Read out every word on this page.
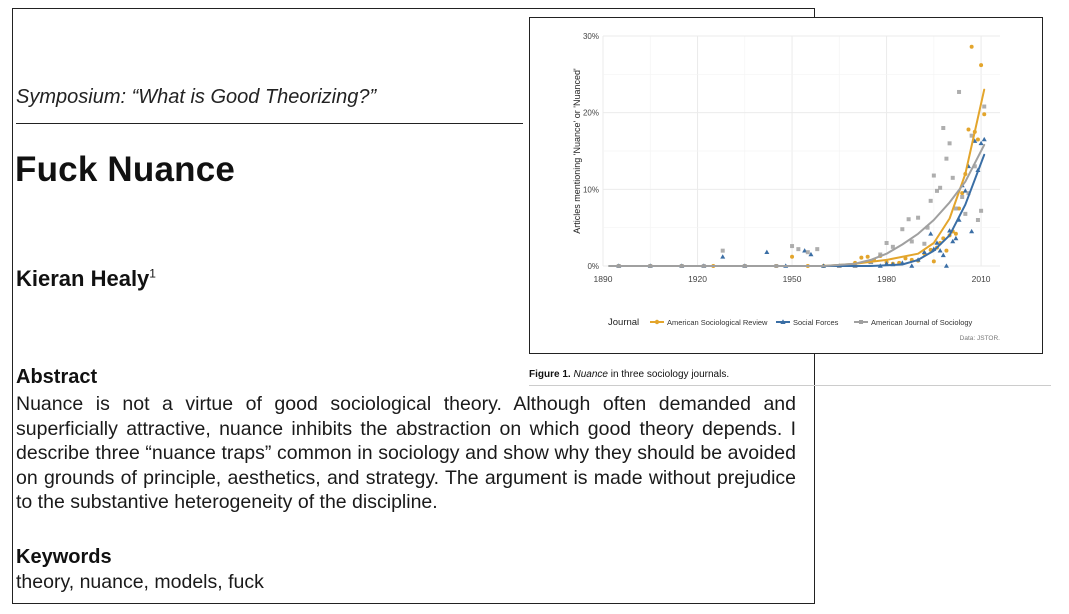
Symposium: “What is Good Theorizing?”
Fuck Nuance
Kieran Healy$^1$
Abstract
Nuance is not a virtue of good sociological theory. Although often demanded and superficially attractive, nuance inhibits the abstraction on which good theory depends. I describe three “nuance traps” common in sociology and show why they should be avoided on grounds of principle, aesthetics, and strategy. The argument is made without prejudice to the substantive heterogeneity of the discipline.
Keywords
theory, nuance, models, fuck
1890	1920	1950	1980	2010
0%
10%
20%
30%
Articles mentioning 'Nuance' or 'Nuanced'
Journal	American Sociological Review	Social Forces	American Journal of Sociology
Data: JSTOR.
Figure 1. Nuance in three sociology journals.
